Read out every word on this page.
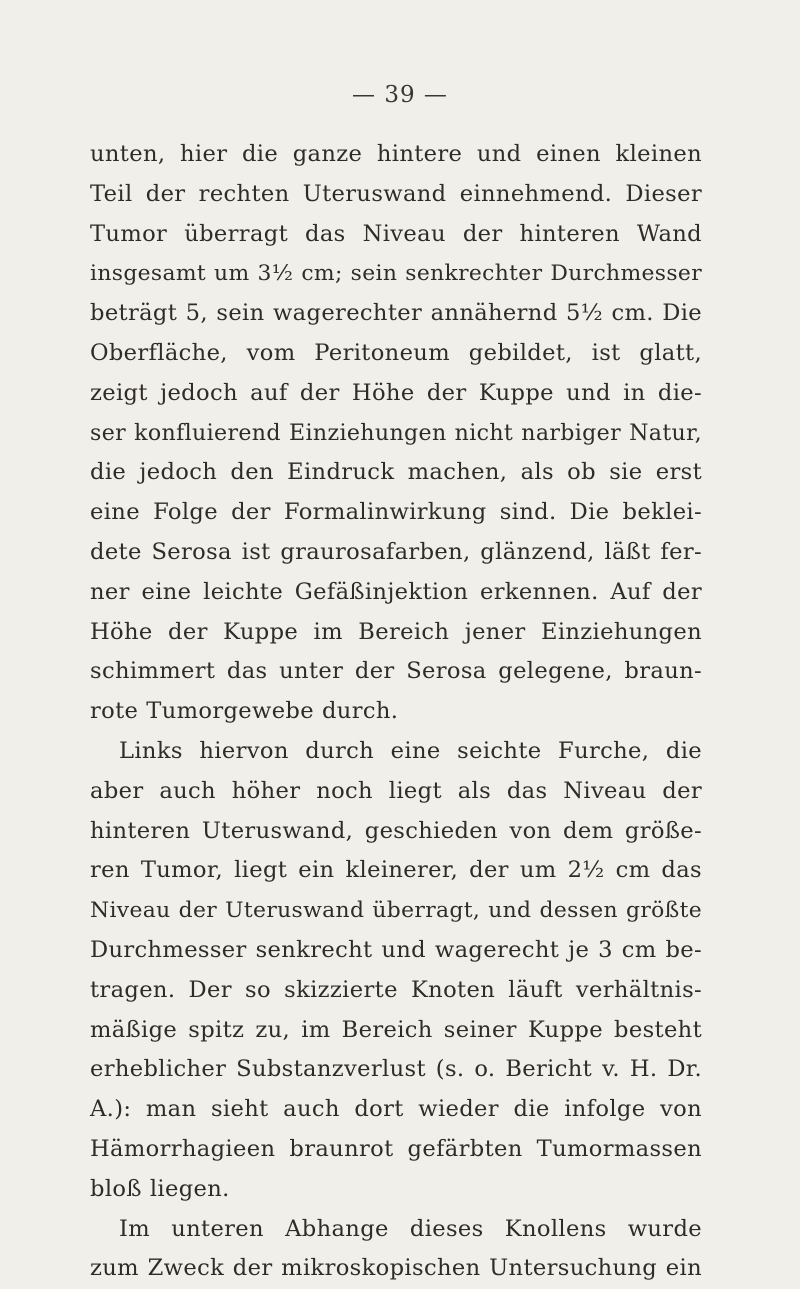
— 39 —
unten, hier die ganze hintere und einen kleinen
Teil der rechten Uteruswand einnehmend. Dieser
Tumor überragt das Niveau der hinteren Wand
insgesamt um 3½ cm; sein senkrechter Durchmesser
beträgt 5, sein wagerechter annähernd 5½ cm. Die
Oberfläche, vom Peritoneum gebildet, ist glatt,
zeigt jedoch auf der Höhe der Kuppe und in die-
ser konfluierend Einziehungen nicht narbiger Natur,
die jedoch den Eindruck machen, als ob sie erst
eine Folge der Formalinwirkung sind. Die beklei-
dete Serosa ist graurosafarben, glänzend, läßt fer-
ner eine leichte Gefäßinjektion erkennen. Auf der
Höhe der Kuppe im Bereich jener Einziehungen
schimmert das unter der Serosa gelegene, braun-
rote Tumorgewebe durch.
Links hiervon durch eine seichte Furche, die
aber auch höher noch liegt als das Niveau der
hinteren Uteruswand, geschieden von dem größe-
ren Tumor, liegt ein kleinerer, der um 2½ cm das
Niveau der Uteruswand überragt, und dessen größte
Durchmesser senkrecht und wagerecht je 3 cm be-
tragen. Der so skizzierte Knoten läuft verhältnis-
mäßige spitz zu, im Bereich seiner Kuppe besteht
erheblicher Substanzverlust (s. o. Bericht v. H. Dr.
A.): man sieht auch dort wieder die infolge von
Hämorrhagieen braunrot gefärbten Tumormassen
bloß liegen.
Im unteren Abhange dieses Knollens wurde
zum Zweck der mikroskopischen Untersuchung ein
